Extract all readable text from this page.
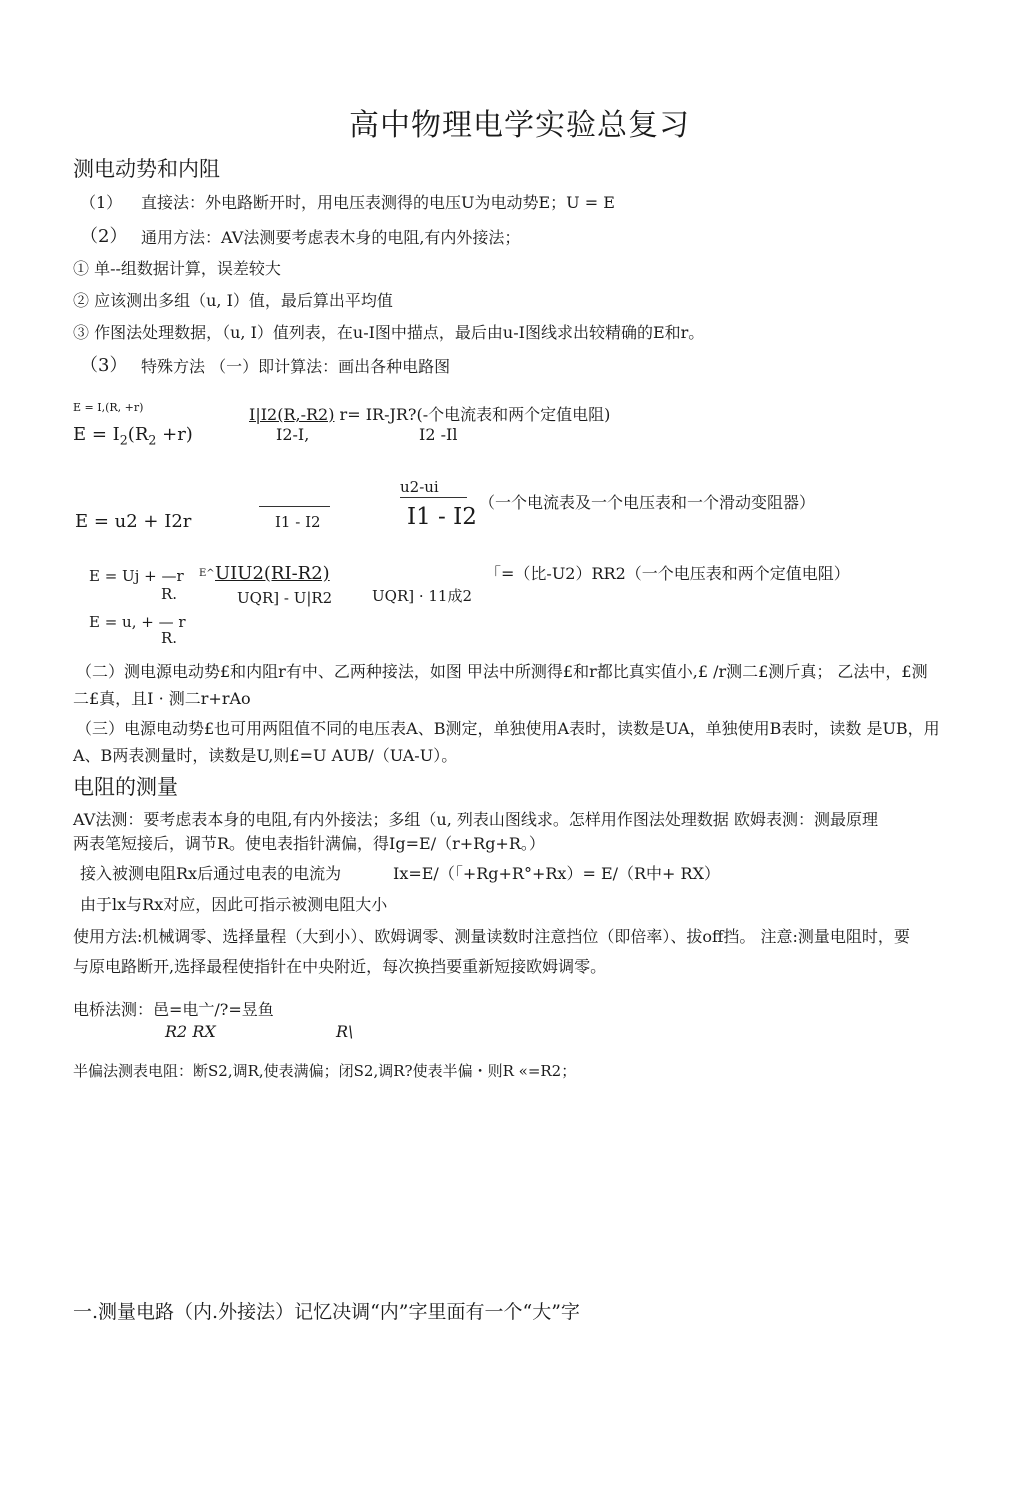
高中物理电学实验总复习
测电动势和内阻
（1） 直接法：外电路断开时，用电压表测得的电压U为电动势E；U = E
（2） 通用方法：AV法测要考虑表木身的电阻,有内外接法；
① 单--组数据计算，误差较大
② 应该测出多组（u, I）值，最后算出平均值
③ 作图法处理数据，（u, I）值列表，在u-I图中描点，最后由u-I图线求出较精确的E和r。
（3） 特殊方法 （一）即计算法：画出各种电路图
E = I,(R, +r)
$E = I_2(R_2 +r)$
I|I2(R,-R2) r= IR-JR?(-个电流表和两个定值电阻)
I2-I,	I2 -Il
u2-ui
（一个电流表及一个电压表和一个滑动变阻器）
E = u2 + I2r	I1 - I2	I1 - I2
E = Uj + —r
R.
E^ UIU2(RI-R2)
UQR] - U|R2	UQR] · 11成2
「=（比-U2）RR2（一个电压表和两个定值电阻）
E = u, + — r
R.
（二）测电源电动势£和内阻r有中、乙两种接法，如图 甲法中所测得£和r都比真实值小,£ /r测二£测斤真； 乙法中，£测
二£真，且I · 测二r+rAo
（三）电源电动势£也可用两阻值不同的电压表A、B测定，单独使用A表时，读数是UA，单独使用B表时，读数 是UB，用
A、B两表测量时，读数是U,则£=U AUB/（UA-U）。
电阻的测量
AV法测：要考虑表本身的电阻,有内外接法；多组（u, 列表山图线求。怎样用作图法处理数据 欧姆表测：测最原理
两表笔短接后，调节R。使电表指针满偏，得Ig=E/（r+Rg+R。）
接入被测电阻Rx后通过电表的电流为	Ix=E/（「+Rg+R°+Rx）= E/（R中+ RX）
由于lx与Rx对应，因此可指示被测电阻大小
使用方法:机械调零、选择量程（大到小）、欧姆调零、测量读数时注意挡位（即倍率）、拔off挡。 注意:测量电阻时，要
与原电路断开,选择最程使指针在中央附近，每次换挡要重新短接欧姆调零。
电桥法测：邑=电亠/?=昱鱼
R2 RX	R\
半偏法测表电阻：断S2,调R,使表满偏；闭S2,调R?使表半偏・则R «=R2；
一.测量电路（内.外接法）记忆决调“内”字里面有一个“大”字
